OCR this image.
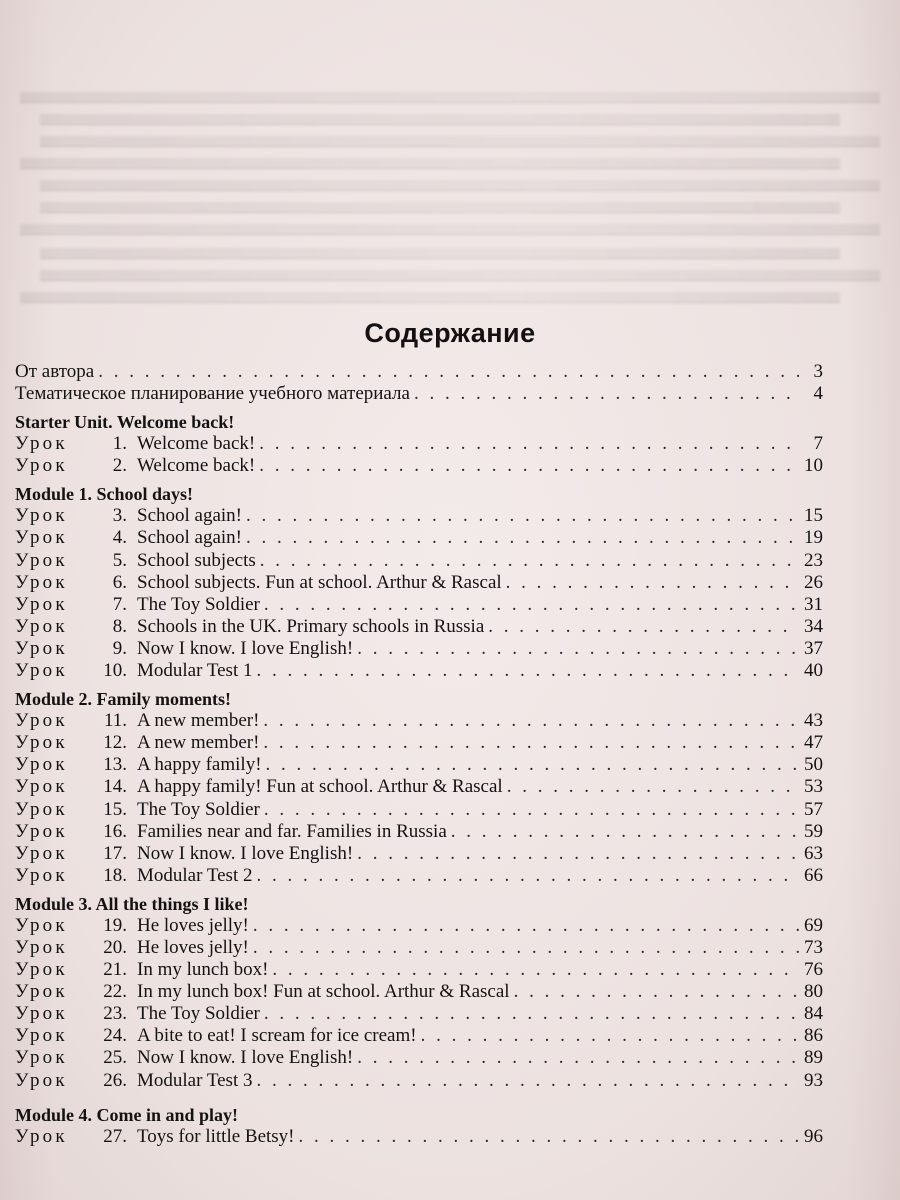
Содержание
От автора . . .	3
Тематическое планирование учебного материала . . .	4
Starter Unit. Welcome back!
Урок 1. Welcome back! . . .	7
Урок 2. Welcome back! . . .	10
Module 1. School days!
Урок 3. School again! . . .	15
Урок 4. School again! . . .	19
Урок 5. School subjects . . .	23
Урок 6. School subjects. Fun at school. Arthur & Rascal . . .	26
Урок 7. The Toy Soldier . . .	31
Урок 8. Schools in the UK. Primary schools in Russia . . .	34
Урок 9. Now I know. I love English! . . .	37
Урок 10. Modular Test 1 . . .	40
Module 2. Family moments!
Урок 11. A new member! . . .	43
Урок 12. A new member! . . .	47
Урок 13. A happy family! . . .	50
Урок 14. A happy family! Fun at school. Arthur & Rascal . . .	53
Урок 15. The Toy Soldier . . .	57
Урок 16. Families near and far. Families in Russia . . .	59
Урок 17. Now I know. I love English! . . .	63
Урок 18. Modular Test 2 . . .	66
Module 3. All the things I like!
Урок 19. He loves jelly! . . .	69
Урок 20. He loves jelly! . . .	73
Урок 21. In my lunch box! . . .	76
Урок 22. In my lunch box! Fun at school. Arthur & Rascal . . .	80
Урок 23. The Toy Soldier . . .	84
Урок 24. A bite to eat! I scream for ice cream! . . .	86
Урок 25. Now I know. I love English! . . .	89
Урок 26. Modular Test 3 . . .	93
Module 4. Come in and play!
Урок 27. Toys for little Betsy! . . .	96
